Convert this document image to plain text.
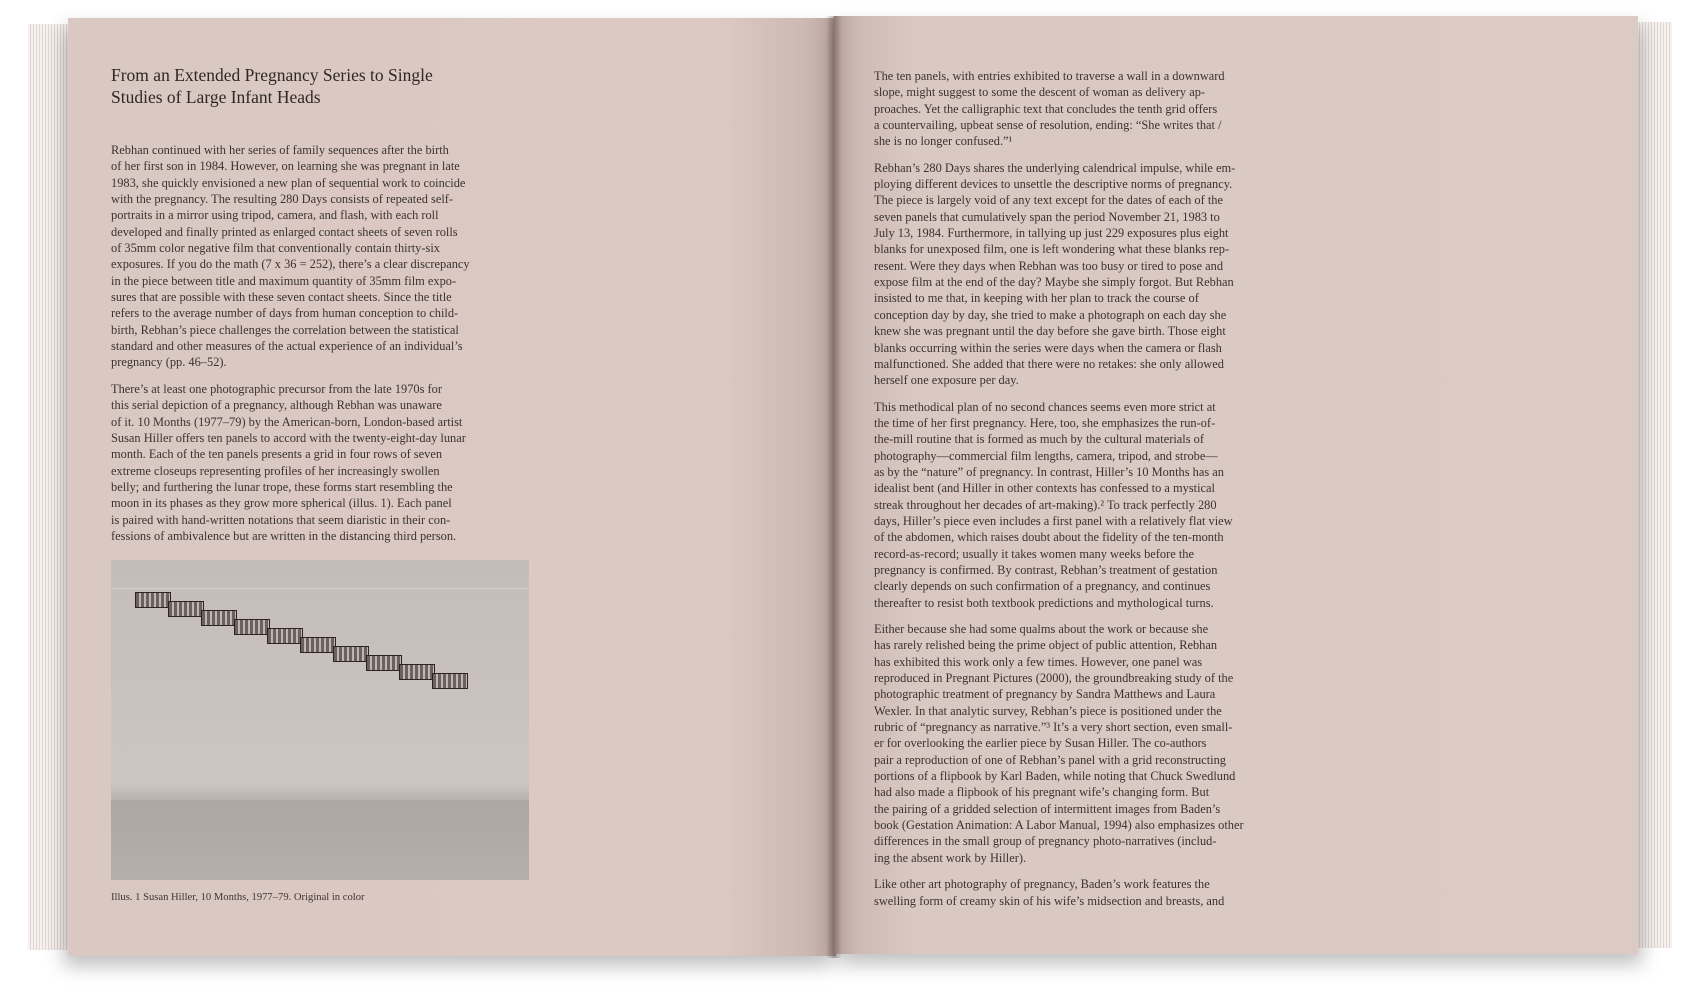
From an Extended Pregnancy Series to Single
Studies of Large Infant Heads

Rebhan continued with her series of family sequences after the birth
of her first son in 1984. However, on learning she was pregnant in late
1983, she quickly envisioned a new plan of sequential work to coincide
with the pregnancy. The resulting 280 Days consists of repeated self-
portraits in a mirror using tripod, camera, and flash, with each roll
developed and finally printed as enlarged contact sheets of seven rolls
of 35mm color negative film that conventionally contain thirty-six
exposures. If you do the math (7 x 36 = 252), there’s a clear discrepancy
in the piece between title and maximum quantity of 35mm film expo-
sures that are possible with these seven contact sheets. Since the title
refers to the average number of days from human conception to child-
birth, Rebhan’s piece challenges the correlation between the statistical
standard and other measures of the actual experience of an individual’s
pregnancy (pp. 46–52).

There’s at least one photographic precursor from the late 1970s for
this serial depiction of a pregnancy, although Rebhan was unaware
of it. 10 Months (1977–79) by the American-born, London-based artist
Susan Hiller offers ten panels to accord with the twenty-eight-day lunar
month. Each of the ten panels presents a grid in four rows of seven
extreme closeups representing profiles of her increasingly swollen
belly; and furthering the lunar trope, these forms start resembling the
moon in its phases as they grow more spherical (illus. 1). Each panel
is paired with hand-written notations that seem diaristic in their con-
fessions of ambivalence but are written in the distancing third person.

Illus. 1 Susan Hiller, 10 Months, 1977–79. Original in color

The ten panels, with entries exhibited to traverse a wall in a downward
slope, might suggest to some the descent of woman as delivery ap-
proaches. Yet the calligraphic text that concludes the tenth grid offers
a countervailing, upbeat sense of resolution, ending: “She writes that /
she is no longer confused.”¹

Rebhan’s 280 Days shares the underlying calendrical impulse, while em-
ploying different devices to unsettle the descriptive norms of pregnancy.
The piece is largely void of any text except for the dates of each of the
seven panels that cumulatively span the period November 21, 1983 to
July 13, 1984. Furthermore, in tallying up just 229 exposures plus eight
blanks for unexposed film, one is left wondering what these blanks rep-
resent. Were they days when Rebhan was too busy or tired to pose and
expose film at the end of the day? Maybe she simply forgot. But Rebhan
insisted to me that, in keeping with her plan to track the course of
conception day by day, she tried to make a photograph on each day she
knew she was pregnant until the day before she gave birth. Those eight
blanks occurring within the series were days when the camera or flash
malfunctioned. She added that there were no retakes: she only allowed
herself one exposure per day.

This methodical plan of no second chances seems even more strict at
the time of her first pregnancy. Here, too, she emphasizes the run-of-
the-mill routine that is formed as much by the cultural materials of
photography—commercial film lengths, camera, tripod, and strobe—
as by the “nature” of pregnancy. In contrast, Hiller’s 10 Months has an
idealist bent (and Hiller in other contexts has confessed to a mystical
streak throughout her decades of art-making).² To track perfectly 280
days, Hiller’s piece even includes a first panel with a relatively flat view
of the abdomen, which raises doubt about the fidelity of the ten-month
record-as-record; usually it takes women many weeks before the
pregnancy is confirmed. By contrast, Rebhan’s treatment of gestation
clearly depends on such confirmation of a pregnancy, and continues
thereafter to resist both textbook predictions and mythological turns.

Either because she had some qualms about the work or because she
has rarely relished being the prime object of public attention, Rebhan
has exhibited this work only a few times. However, one panel was
reproduced in Pregnant Pictures (2000), the groundbreaking study of the
photographic treatment of pregnancy by Sandra Matthews and Laura
Wexler. In that analytic survey, Rebhan’s piece is positioned under the
rubric of “pregnancy as narrative.”³ It’s a very short section, even small-
er for overlooking the earlier piece by Susan Hiller. The co-authors
pair a reproduction of one of Rebhan’s panel with a grid reconstructing
portions of a flipbook by Karl Baden, while noting that Chuck Swedlund
had also made a flipbook of his pregnant wife’s changing form. But
the pairing of a gridded selection of intermittent images from Baden’s
book (Gestation Animation: A Labor Manual, 1994) also emphasizes other
differences in the small group of pregnancy photo-narratives (includ-
ing the absent work by Hiller).

Like other art photography of pregnancy, Baden’s work features the
swelling form of creamy skin of his wife’s midsection and breasts, and
